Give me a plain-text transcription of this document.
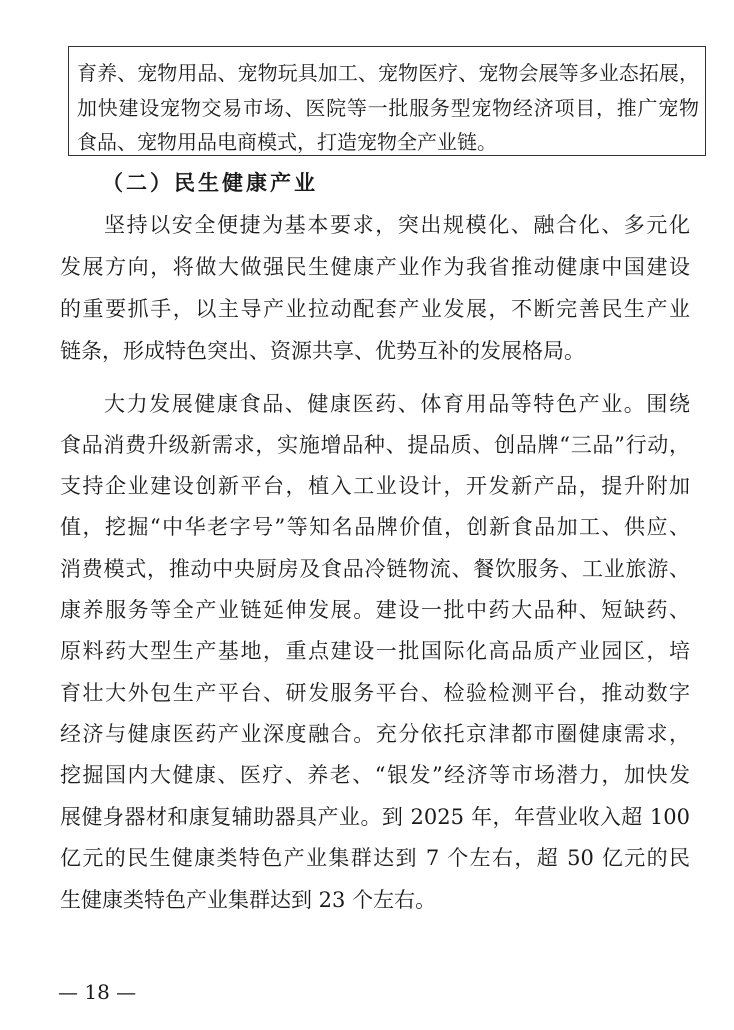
育养、宠物用品、宠物玩具加工、宠物医疗、宠物会展等多业态拓展，
加快建设宠物交易市场、医院等一批服务型宠物经济项目，推广宠物
食品、宠物用品电商模式，打造宠物全产业链。
（二）民生健康产业
坚持以安全便捷为基本要求，突出规模化、融合化、多元化
发展方向，将做大做强民生健康产业作为我省推动健康中国建设
的重要抓手，以主导产业拉动配套产业发展，不断完善民生产业
链条，形成特色突出、资源共享、优势互补的发展格局。
大力发展健康食品、健康医药、体育用品等特色产业。围绕
食品消费升级新需求，实施增品种、提品质、创品牌“三品”行动，
支持企业建设创新平台，植入工业设计，开发新产品，提升附加
值，挖掘“中华老字号”等知名品牌价值，创新食品加工、供应、
消费模式，推动中央厨房及食品冷链物流、餐饮服务、工业旅游、
康养服务等全产业链延伸发展。建设一批中药大品种、短缺药、
原料药大型生产基地，重点建设一批国际化高品质产业园区，培
育壮大外包生产平台、研发服务平台、检验检测平台，推动数字
经济与健康医药产业深度融合。充分依托京津都市圈健康需求，
挖掘国内大健康、医疗、养老、“银发”经济等市场潜力，加快发
展健身器材和康复辅助器具产业。到 2025 年，年营业收入超 100
亿元的民生健康类特色产业集群达到 7 个左右，超 50 亿元的民
生健康类特色产业集群达到 23 个左右。
— 18 —
